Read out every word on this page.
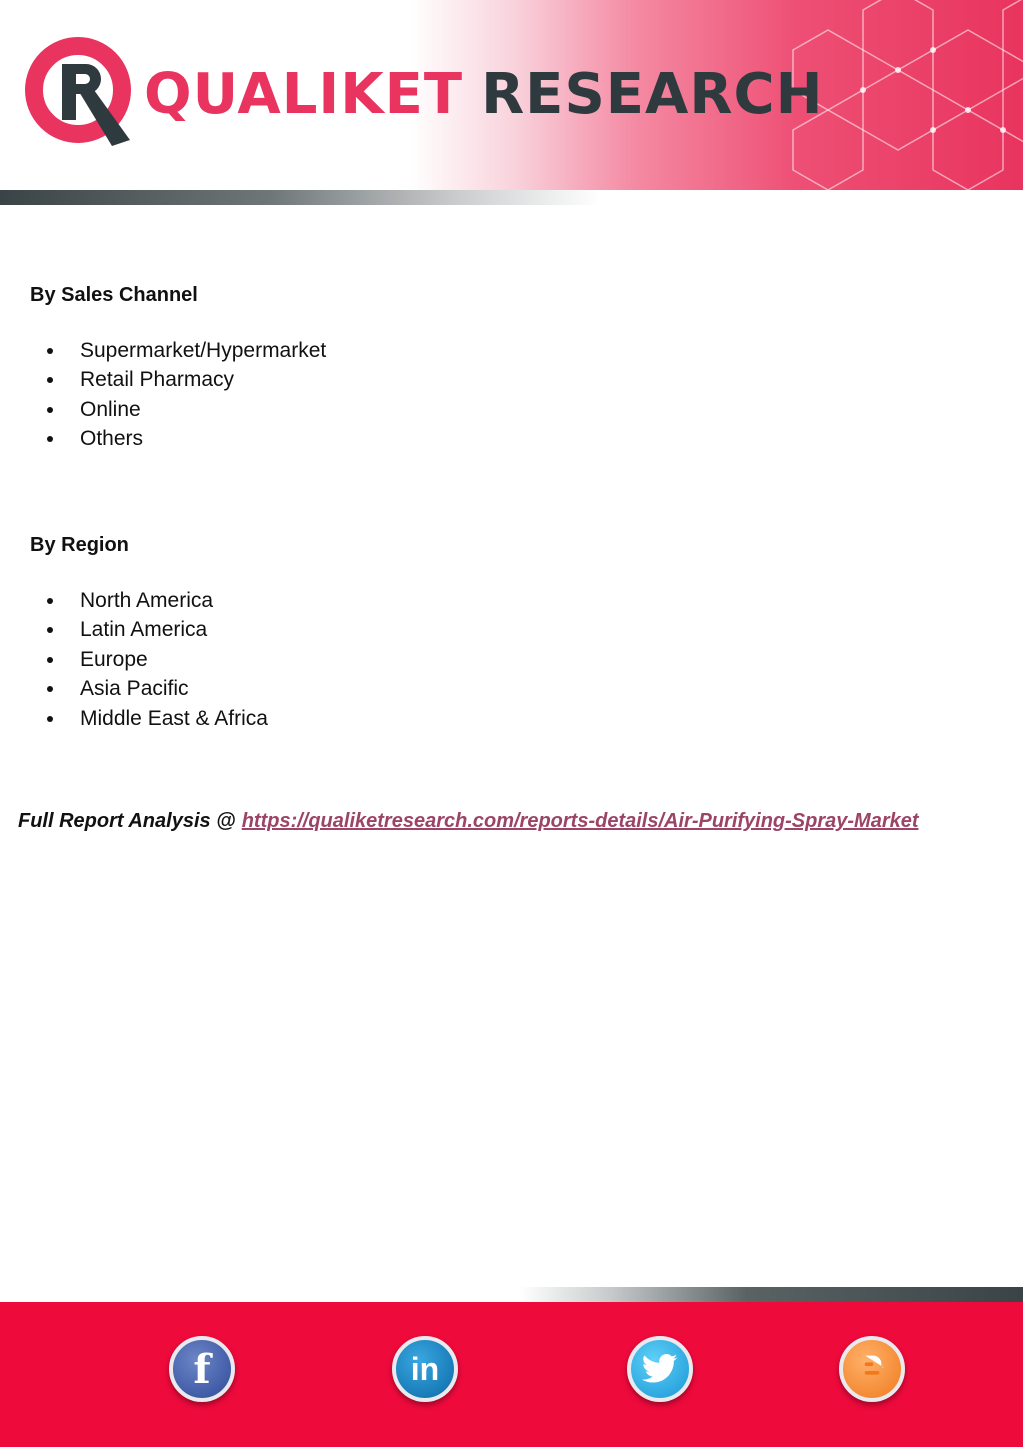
QUALIKET RESEARCH
By Sales Channel
Supermarket/Hypermarket
Retail Pharmacy
Online
Others
By Region
North America
Latin America
Europe
Asia Pacific
Middle East & Africa
Full Report Analysis @ https://qualiketresearch.com/reports-details/Air-Purifying-Spray-Market
f	in
